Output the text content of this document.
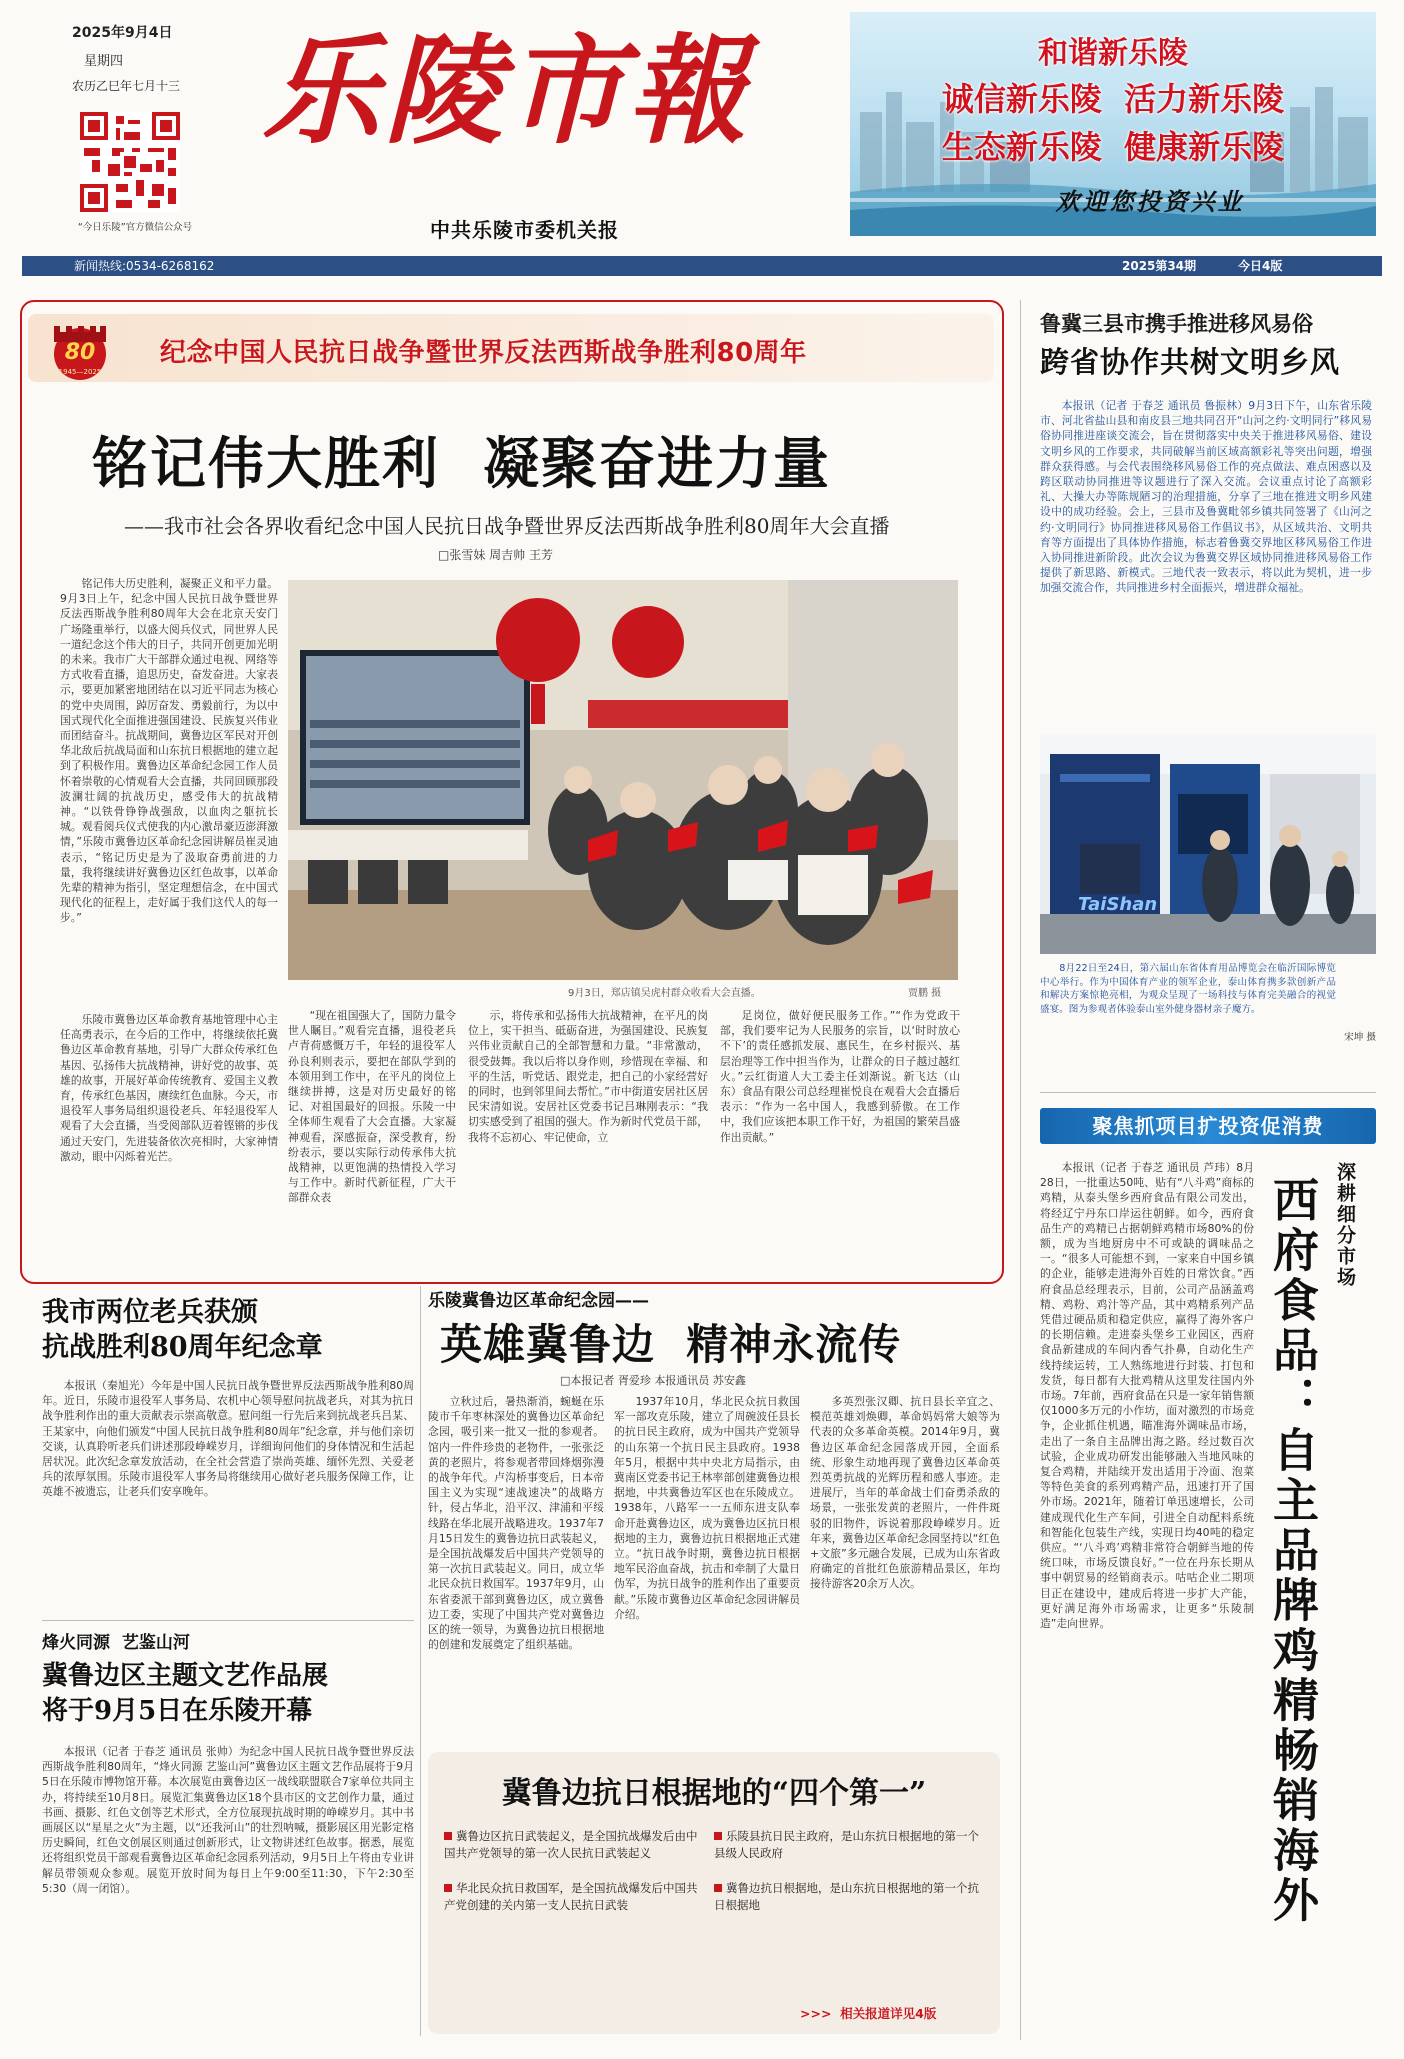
2025年9月4日
星期四
农历乙巳年七月十三
“今日乐陵”官方微信公众号
乐陵市報
中共乐陵市委机关报
和谐新乐陵
诚信新乐陵  活力新乐陵
生态新乐陵  健康新乐陵
欢迎您投资兴业
新闻热线:0534-6268162	2025第34期	今日4版
80
1945—2025
纪念中国人民抗日战争暨世界反法西斯战争胜利80周年
铭记伟大胜利  凝聚奋进力量
——我市社会各界收看纪念中国人民抗日战争暨世界反法西斯战争胜利80周年大会直播
□张雪妹 周吉帅 王芳

铭记伟大历史胜利，凝聚正义和平力量。9月3日上午，纪念中国人民抗日战争暨世界反法西斯战争胜利80周年大会在北京天安门广场隆重举行，以盛大阅兵仪式，同世界人民一道纪念这个伟大的日子，共同开创更加光明的未来。我市广大干部群众通过电视、网络等方式收看直播，追思历史，奋发奋进。大家表示，要更加紧密地团结在以习近平同志为核心的党中央周围，踔厉奋发、勇毅前行，为以中国式现代化全面推进强国建设、民族复兴伟业而团结奋斗。抗战期间，冀鲁边区军民对开创华北敌后抗战局面和山东抗日根据地的建立起到了积极作用。冀鲁边区革命纪念园工作人员怀着崇敬的心情观看大会直播，共同回顾那段波澜壮阔的抗战历史，感受伟大的抗战精神。“以铁骨铮铮战强敌，以血肉之躯抗长城。观看阅兵仪式使我的内心激昂豪迈澎湃激情，”乐陵市冀鲁边区革命纪念园讲解员崔灵迪表示，“铭记历史是为了汲取奋勇前进的力量，我将继续讲好冀鲁边区红色故事，以革命先辈的精神为指引，坚定理想信念，在中国式现代化的征程上，走好属于我们这代人的每一步。”

9月3日，郑店镇吴虎村群众收看大会直播。	贾鹏 摄

乐陵市冀鲁边区革命教育基地管理中心主任高勇表示，在今后的工作中，将继续依托冀鲁边区革命教育基地，引导广大群众传承红色基因、弘扬伟大抗战精神，讲好党的故事、英雄的故事，开展好革命传统教育、爱国主义教育，传承红色基因，赓续红色血脉。今天，市退役军人事务局组织退役老兵、年轻退役军人观看了大会直播，当受阅部队迈着铿锵的步伐通过天安门，先进装备依次亮相时，大家神情激动，眼中闪烁着光芒。

“现在祖国强大了，国防力量令世人瞩目。”观看完直播，退役老兵卢青荷感慨万千，年轻的退役军人孙良利则表示，要把在部队学到的本领用到工作中，在平凡的岗位上继续拼搏，这是对历史最好的铭记、对祖国最好的回报。乐陵一中全体师生观看了大会直播。大家凝神观看，深感振奋，深受教育，纷纷表示，要以实际行动传承伟大抗战精神，以更饱满的热情投入学习与工作中。新时代新征程，广大干部群众表

示，将传承和弘扬伟大抗战精神，在平凡的岗位上，实干担当、砥砺奋进，为强国建设、民族复兴伟业贡献自己的全部智慧和力量。“非常激动，很受鼓舞。我以后将以身作则，珍惜现在幸福、和平的生活，听党话、跟党走，把自己的小家经营好的同时，也到邻里间去帮忙。”市中街道安居社区居民宋清如说。安居社区党委书记吕琳刚表示：“我切实感受到了祖国的强大。作为新时代党员干部，我将不忘初心、牢记使命，立

足岗位，做好便民服务工作。”“作为党政干部，我们要牢记为人民服务的宗旨，以‘时时放心不下’的责任感抓发展、惠民生，在乡村振兴、基层治理等工作中担当作为，让群众的日子越过越红火。”云红街道人大工委主任刘渐说。新飞达（山东）食品有限公司总经理崔悦良在观看大会直播后表示：“作为一名中国人，我感到骄傲。在工作中，我们应该把本职工作干好，为祖国的繁荣昌盛作出贡献。”

鲁冀三县市携手推进移风易俗
跨省协作共树文明乡风

本报讯（记者 于春芝 通讯员 鲁振林）9月3日下午，山东省乐陵市、河北省盐山县和南皮县三地共同召开“山河之约·文明同行”移风易俗协同推进座谈交流会，旨在贯彻落实中央关于推进移风易俗、建设文明乡风的工作要求，共同破解当前区域高额彩礼等突出问题，增强群众获得感。与会代表围绕移风易俗工作的亮点做法、难点困惑以及跨区联动协同推进等议题进行了深入交流。会议重点讨论了高额彩礼、大操大办等陈规陋习的治理措施，分享了三地在推进文明乡风建设中的成功经验。会上，三县市及鲁冀毗邻乡镇共同签署了《山河之约·文明同行》协同推进移风易俗工作倡议书》，从区域共治、文明共育等方面提出了具体协作措施，标志着鲁冀交界地区移风易俗工作进入协同推进新阶段。此次会议为鲁冀交界区域协同推进移风易俗工作提供了新思路、新模式。三地代表一致表示，将以此为契机，进一步加强交流合作，共同推进乡村全面振兴，增进群众福祉。

TaiShan
8月22日至24日，第六届山东省体育用品博览会在临沂国际博览中心举行。作为中国体育产业的领军企业，泰山体育携多款创新产品和解决方案惊艳亮相，为观众呈现了一场科技与体育完美融合的视觉盛宴。图为参观者体验泰山室外健身器材亲子魔方。
宋坤 摄
聚焦抓项目扩投资促消费

本报讯（记者 于春芝 通讯员 芦玮）8月28日，一批重达50吨、贴有“八斗鸡”商标的鸡精，从泰头堡乡西府食品有限公司发出，将经辽宁丹东口岸运往朝鲜。如今，西府食品生产的鸡精已占据朝鲜鸡精市场80%的份额，成为当地厨房中不可或缺的调味品之一。“很多人可能想不到，一家来自中国乡镇的企业，能够走进海外百姓的日常饮食。”西府食品总经理表示，目前，公司产品涵盖鸡精、鸡粉、鸡汁等产品，其中鸡精系列产品凭借过硬品质和稳定供应，赢得了海外客户的长期信赖。走进泰头堡乡工业园区，西府食品新建成的车间内香气扑鼻，自动化生产线持续运转，工人熟练地进行封装、打包和发货，每日都有大批鸡精从这里发往国内外市场。7年前，西府食品在只是一家年销售额仅1000多万元的小作坊，面对激烈的市场竞争，企业抓住机遇，瞄准海外调味品市场，走出了一条自主品牌出海之路。经过数百次试验，企业成功研发出能够融入当地风味的复合鸡精，并陆续开发出适用于冷面、泡菜等特色美食的系列鸡精产品，迅速打开了国外市场。2021年，随着订单迅速增长，公司建成现代化生产车间，引进全自动配料系统和智能化包装生产线，实现日均40吨的稳定供应。“‘八斗鸡’鸡精非常符合朝鲜当地的传统口味，市场反馈良好。”一位在丹东长期从事中朝贸易的经销商表示。咕咕企业二期项目正在建设中，建成后将进一步扩大产能，更好满足海外市场需求，让更多“乐陵制造”走向世界。

深耕细分市场
西府食品：自主品牌鸡精畅销海外
我市两位老兵获颁
抗战胜利80周年纪念章

本报讯（秦旭光）今年是中国人民抗日战争暨世界反法西斯战争胜利80周年。近日，乐陵市退役军人事务局、农机中心领导慰问抗战老兵，对其为抗日战争胜利作出的重大贡献表示崇高敬意。慰问组一行先后来到抗战老兵吕某、王某家中，向他们颁发“中国人民抗日战争胜利80周年”纪念章，并与他们亲切交谈，认真聆听老兵们讲述那段峥嵘岁月，详细询问他们的身体情况和生活起居状况。此次纪念章发放活动，在全社会营造了崇尚英雄、缅怀先烈、关爱老兵的浓厚氛围。乐陵市退役军人事务局将继续用心做好老兵服务保障工作，让英雄不被遗忘，让老兵们安享晚年。

烽火同源  艺鉴山河
冀鲁边区主题文艺作品展
将于9月5日在乐陵开幕

本报讯（记者 于春芝 通讯员 张帅）为纪念中国人民抗日战争暨世界反法西斯战争胜利80周年，“烽火同源 艺鉴山河”冀鲁边区主题文艺作品展将于9月5日在乐陵市博物馆开幕。本次展览由冀鲁边区一战线联盟联合7家单位共同主办，将持续至10月8日。展览汇集冀鲁边区18个县市区的文艺创作力量，通过书画、摄影、红色文创等艺术形式，全方位展现抗战时期的峥嵘岁月。其中书画展区以“星星之火”为主题，以“还我河山”的壮烈呐喊，摄影展区用光影定格历史瞬间，红色文创展区则通过创新形式，让文物讲述红色故事。据悉，展览还将组织党员干部观看冀鲁边区革命纪念园系列活动，9月5日上午将由专业讲解员带领观众参观。展览开放时间为每日上午9:00至11:30，下午2:30至5:30（周一闭馆）。

乐陵冀鲁边区革命纪念园——
英雄冀鲁边  精神永流传
□本报记者 胥爱珍 本报通讯员 苏安鑫

立秋过后，暑热渐消，蜿蜒在乐陵市千年枣林深处的冀鲁边区革命纪念园，吸引来一批又一批的参观者。馆内一件件珍贵的老物件，一张张泛黄的老照片，将参观者带回烽烟弥漫的战争年代。卢沟桥事变后，日本帝国主义为实现“速战速决”的战略方针，侵占华北，沿平汉、津浦和平绥线路在华北展开战略进攻。1937年7月15日发生的冀鲁边抗日武装起义，是全国抗战爆发后中国共产党领导的第一次抗日武装起义。同日，成立华北民众抗日救国军。1937年9月，山东省委派干部到冀鲁边区，成立冀鲁边工委，实现了中国共产党对冀鲁边区的统一领导，为冀鲁边抗日根据地的创建和发展奠定了组织基础。

1937年10月，华北民众抗日救国军一部攻克乐陵，建立了周碗波任县长的抗日民主政府，成为中国共产党领导的山东第一个抗日民主县政府。1938年5月，根据中共中央北方局指示，由冀南区党委书记王林率部创建冀鲁边根据地，中共冀鲁边军区也在乐陵成立。1938年，八路军一一五师东进支队奉命开赴冀鲁边区，成为冀鲁边区抗日根据地的主力，冀鲁边抗日根据地正式建立。“抗日战争时期，冀鲁边抗日根据地军民浴血奋战，抗击和牵制了大量日伪军，为抗日战争的胜利作出了重要贡献。”乐陵市冀鲁边区革命纪念园讲解员介绍。

多英烈张汉卿、抗日县长辛宜之、模范英雄刘焕卿，革命妈妈常大娘等为代表的众多革命英模。2014年9月，冀鲁边区革命纪念园落成开园，全面系统、形象生动地再现了冀鲁边区革命英烈英勇抗战的光辉历程和感人事迹。走进展厅，当年的革命战士们奋勇杀敌的场景，一张张发黄的老照片，一件件斑驳的旧物件，诉说着那段峥嵘岁月。近年来，冀鲁边区革命纪念园坚持以“红色+文旅”多元融合发展，已成为山东省政府确定的首批红色旅游精品景区，年均接待游客20余万人次。

冀鲁边抗日根据地的“四个第一”
冀鲁边区抗日武装起义，是全国抗战爆发后由中国共产党领导的第一次人民抗日武装起义
华北民众抗日救国军，是全国抗战爆发后中国共产党创建的关内第一支人民抗日武装
乐陵县抗日民主政府，是山东抗日根据地的第一个县级人民政府
冀鲁边抗日根据地，是山东抗日根据地的第一个抗日根据地
>>>  相关报道详见4版
